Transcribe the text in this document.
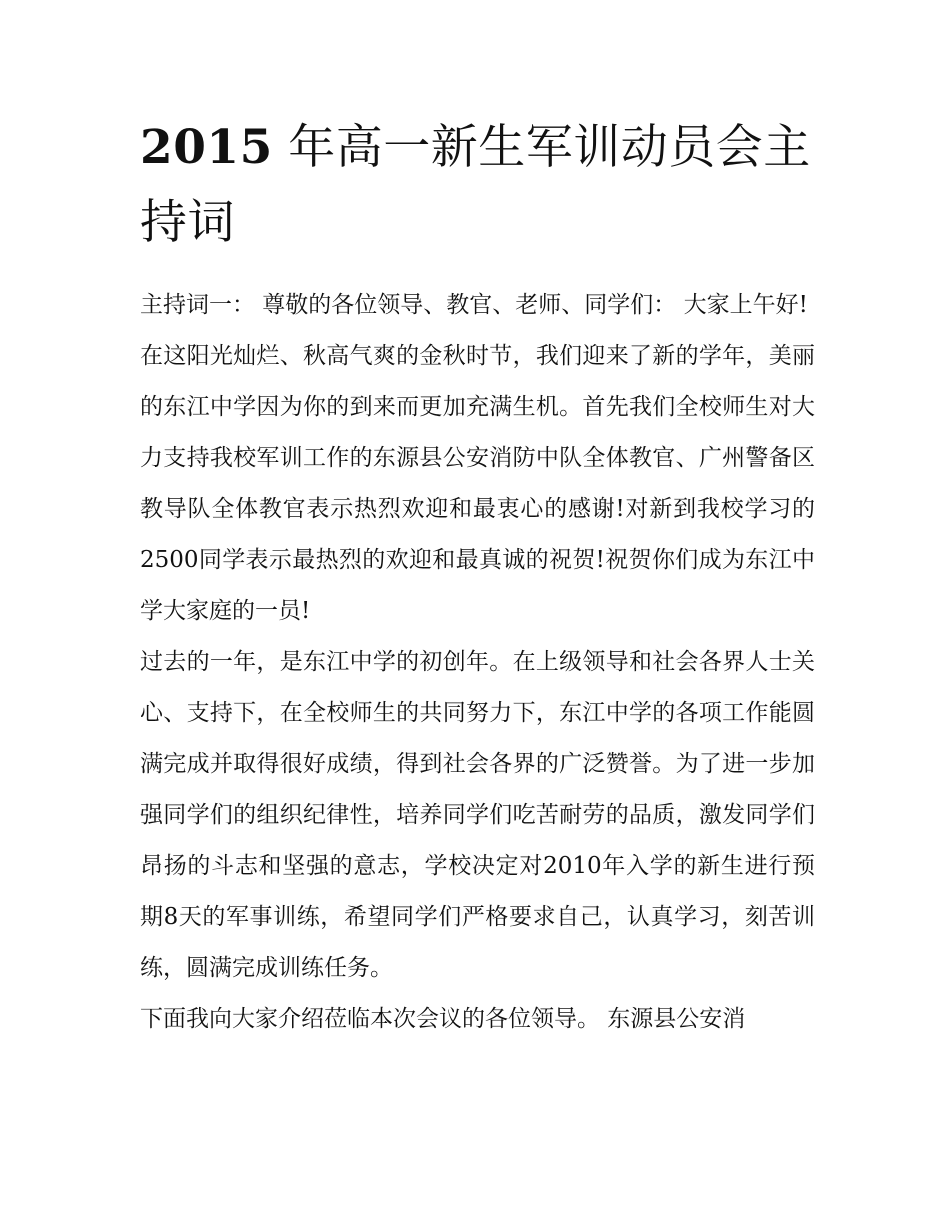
2015 年高一新生军训动员会主持词

主持词一： 尊敬的各位领导、教官、老师、同学们： 大家上午好!

在这阳光灿烂、秋高气爽的金秋时节，我们迎来了新的学年，美丽的东江中学因为你的到来而更加充满生机。首先我们全校师生对大力支持我校军训工作的东源县公安消防中队全体教官、广州警备区教导队全体教官表示热烈欢迎和最衷心的感谢!对新到我校学习的2500同学表示最热烈的欢迎和最真诚的祝贺!祝贺你们成为东江中学大家庭的一员!

过去的一年，是东江中学的初创年。在上级领导和社会各界人士关心、支持下，在全校师生的共同努力下，东江中学的各项工作能圆满完成并取得很好成绩，得到社会各界的广泛赞誉。为了进一步加强同学们的组织纪律性，培养同学们吃苦耐劳的品质，激发同学们昂扬的斗志和坚强的意志，学校决定对2010年入学的新生进行预期8天的军事训练，希望同学们严格要求自己，认真学习，刻苦训练，圆满完成训练任务。

下面我向大家介绍莅临本次会议的各位领导。 东源县公安消
